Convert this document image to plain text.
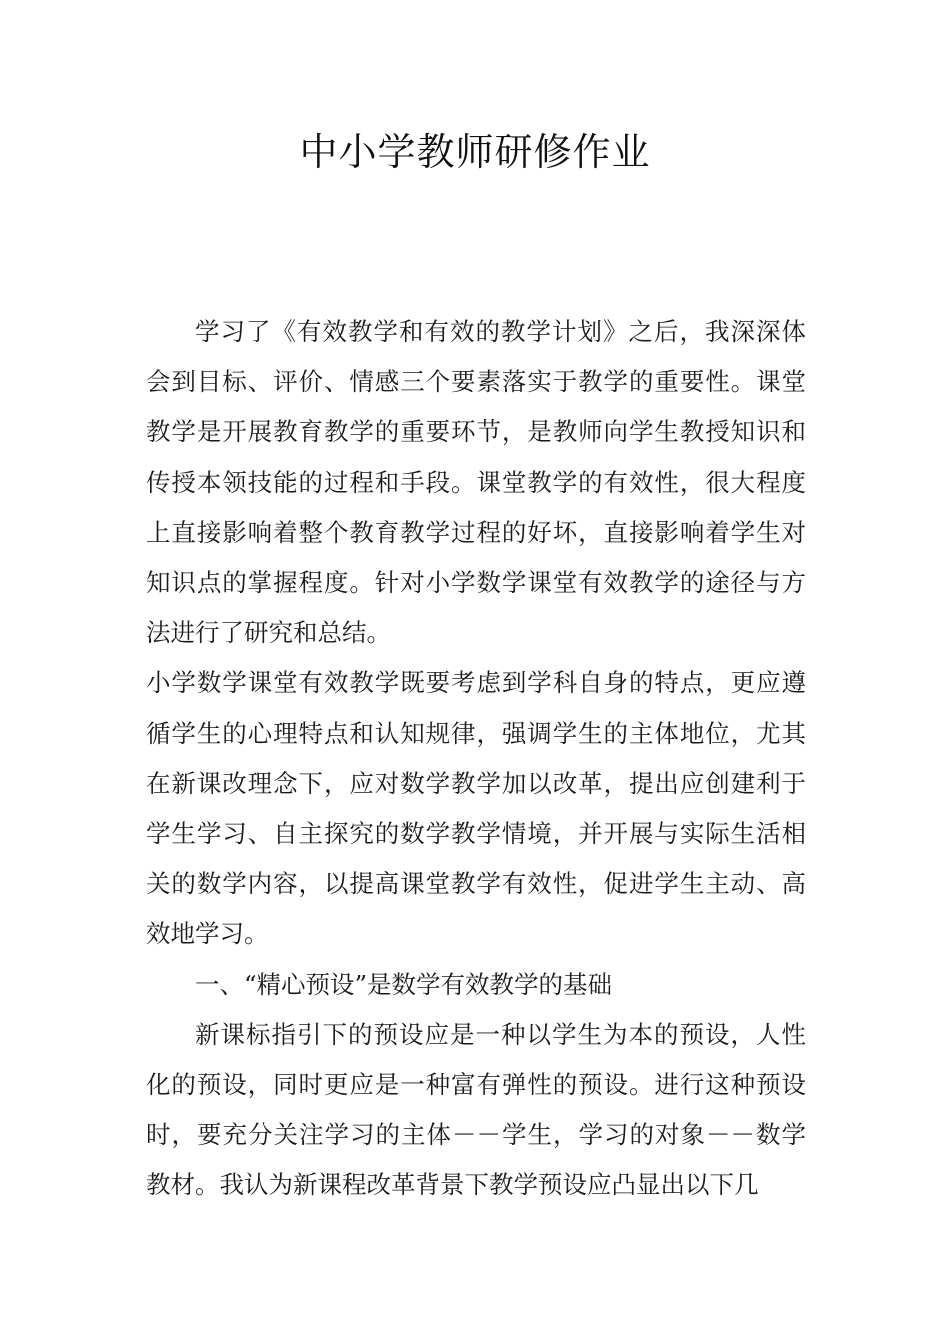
中小学教师研修作业

学习了《有效教学和有效的教学计划》之后，我深深体会到目标、评价、情感三个要素落实于教学的重要性。课堂教学是开展教育教学的重要环节，是教师向学生教授知识和传授本领技能的过程和手段。课堂教学的有效性，很大程度上直接影响着整个教育教学过程的好坏，直接影响着学生对知识点的掌握程度。针对小学数学课堂有效教学的途径与方法进行了研究和总结。

小学数学课堂有效教学既要考虑到学科自身的特点，更应遵循学生的心理特点和认知规律，强调学生的主体地位，尤其在新课改理念下，应对数学教学加以改革，提出应创建利于学生学习、自主探究的数学教学情境，并开展与实际生活相关的数学内容，以提高课堂教学有效性，促进学生主动、高效地学习。

一、“精心预设”是数学有效教学的基础

新课标指引下的预设应是一种以学生为本的预设，人性化的预设，同时更应是一种富有弹性的预设。进行这种预设时，要充分关注学习的主体－－学生，学习的对象－－数学教材。我认为新课程改革背景下教学预设应凸显出以下几
